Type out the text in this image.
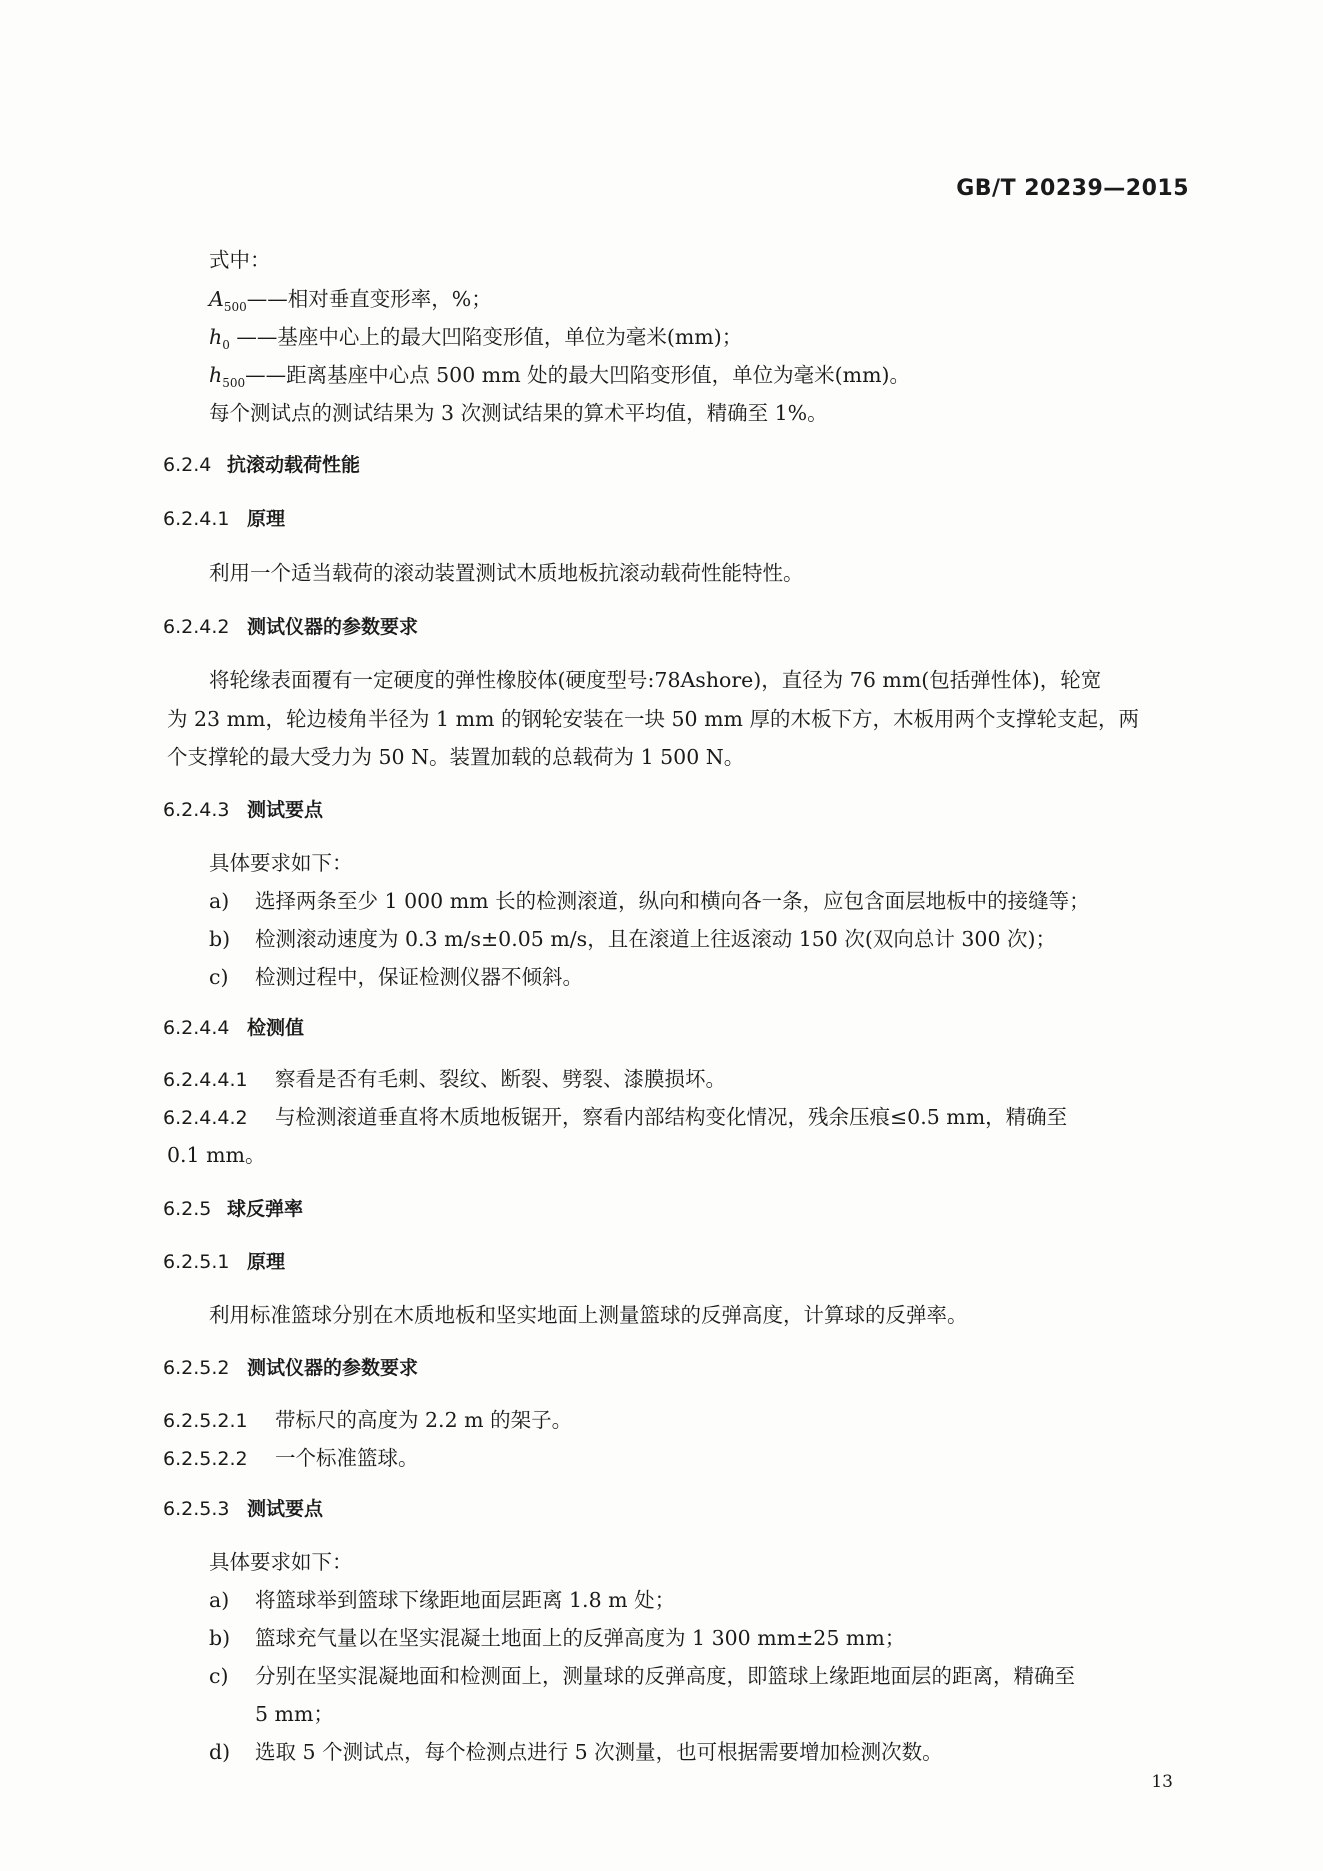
GB/T 20239—2015
式中：
$A_{500}——$相对垂直变形率，%；
$h_0$ ——基座中心上的最大凹陷变形值，单位为毫米(mm)；
$h_{500}——$距离基座中心点 500 mm 处的最大凹陷变形值，单位为毫米(mm)。
每个测试点的测试结果为 3 次测试结果的算术平均值，精确至 1%。
6.2.4 抗滚动载荷性能
6.2.4.1 原理
利用一个适当载荷的滚动装置测试木质地板抗滚动载荷性能特性。
6.2.4.2 测试仪器的参数要求
将轮缘表面覆有一定硬度的弹性橡胶体(硬度型号:78Ashore)，直径为 76 mm(包括弹性体)，轮宽
为 23 mm，轮边棱角半径为 1 mm 的钢轮安装在一块 50 mm 厚的木板下方，木板用两个支撑轮支起，两
个支撑轮的最大受力为 50 N。装置加载的总载荷为 1 500 N。
6.2.4.3 测试要点
具体要求如下：
a) 选择两条至少 1 000 mm 长的检测滚道，纵向和横向各一条，应包含面层地板中的接缝等；
b) 检测滚动速度为 0.3 m/s±0.05 m/s，且在滚道上往返滚动 150 次(双向总计 300 次)；
c) 检测过程中，保证检测仪器不倾斜。
6.2.4.4 检测值
6.2.4.4.1 察看是否有毛刺、裂纹、断裂、劈裂、漆膜损坏。
6.2.4.4.2 与检测滚道垂直将木质地板锯开，察看内部结构变化情况，残余压痕≤0.5 mm，精确至
0.1 mm。
6.2.5 球反弹率
6.2.5.1 原理
利用标准篮球分别在木质地板和坚实地面上测量篮球的反弹高度，计算球的反弹率。
6.2.5.2 测试仪器的参数要求
6.2.5.2.1 带标尺的高度为 2.2 m 的架子。
6.2.5.2.2 一个标准篮球。
6.2.5.3 测试要点
具体要求如下：
a) 将篮球举到篮球下缘距地面层距离 1.8 m 处；
b) 篮球充气量以在坚实混凝土地面上的反弹高度为 1 300 mm±25 mm；
c) 分别在坚实混凝地面和检测面上，测量球的反弹高度，即篮球上缘距地面层的距离，精确至
5 mm；
d) 选取 5 个测试点，每个检测点进行 5 次测量，也可根据需要增加检测次数。
13
